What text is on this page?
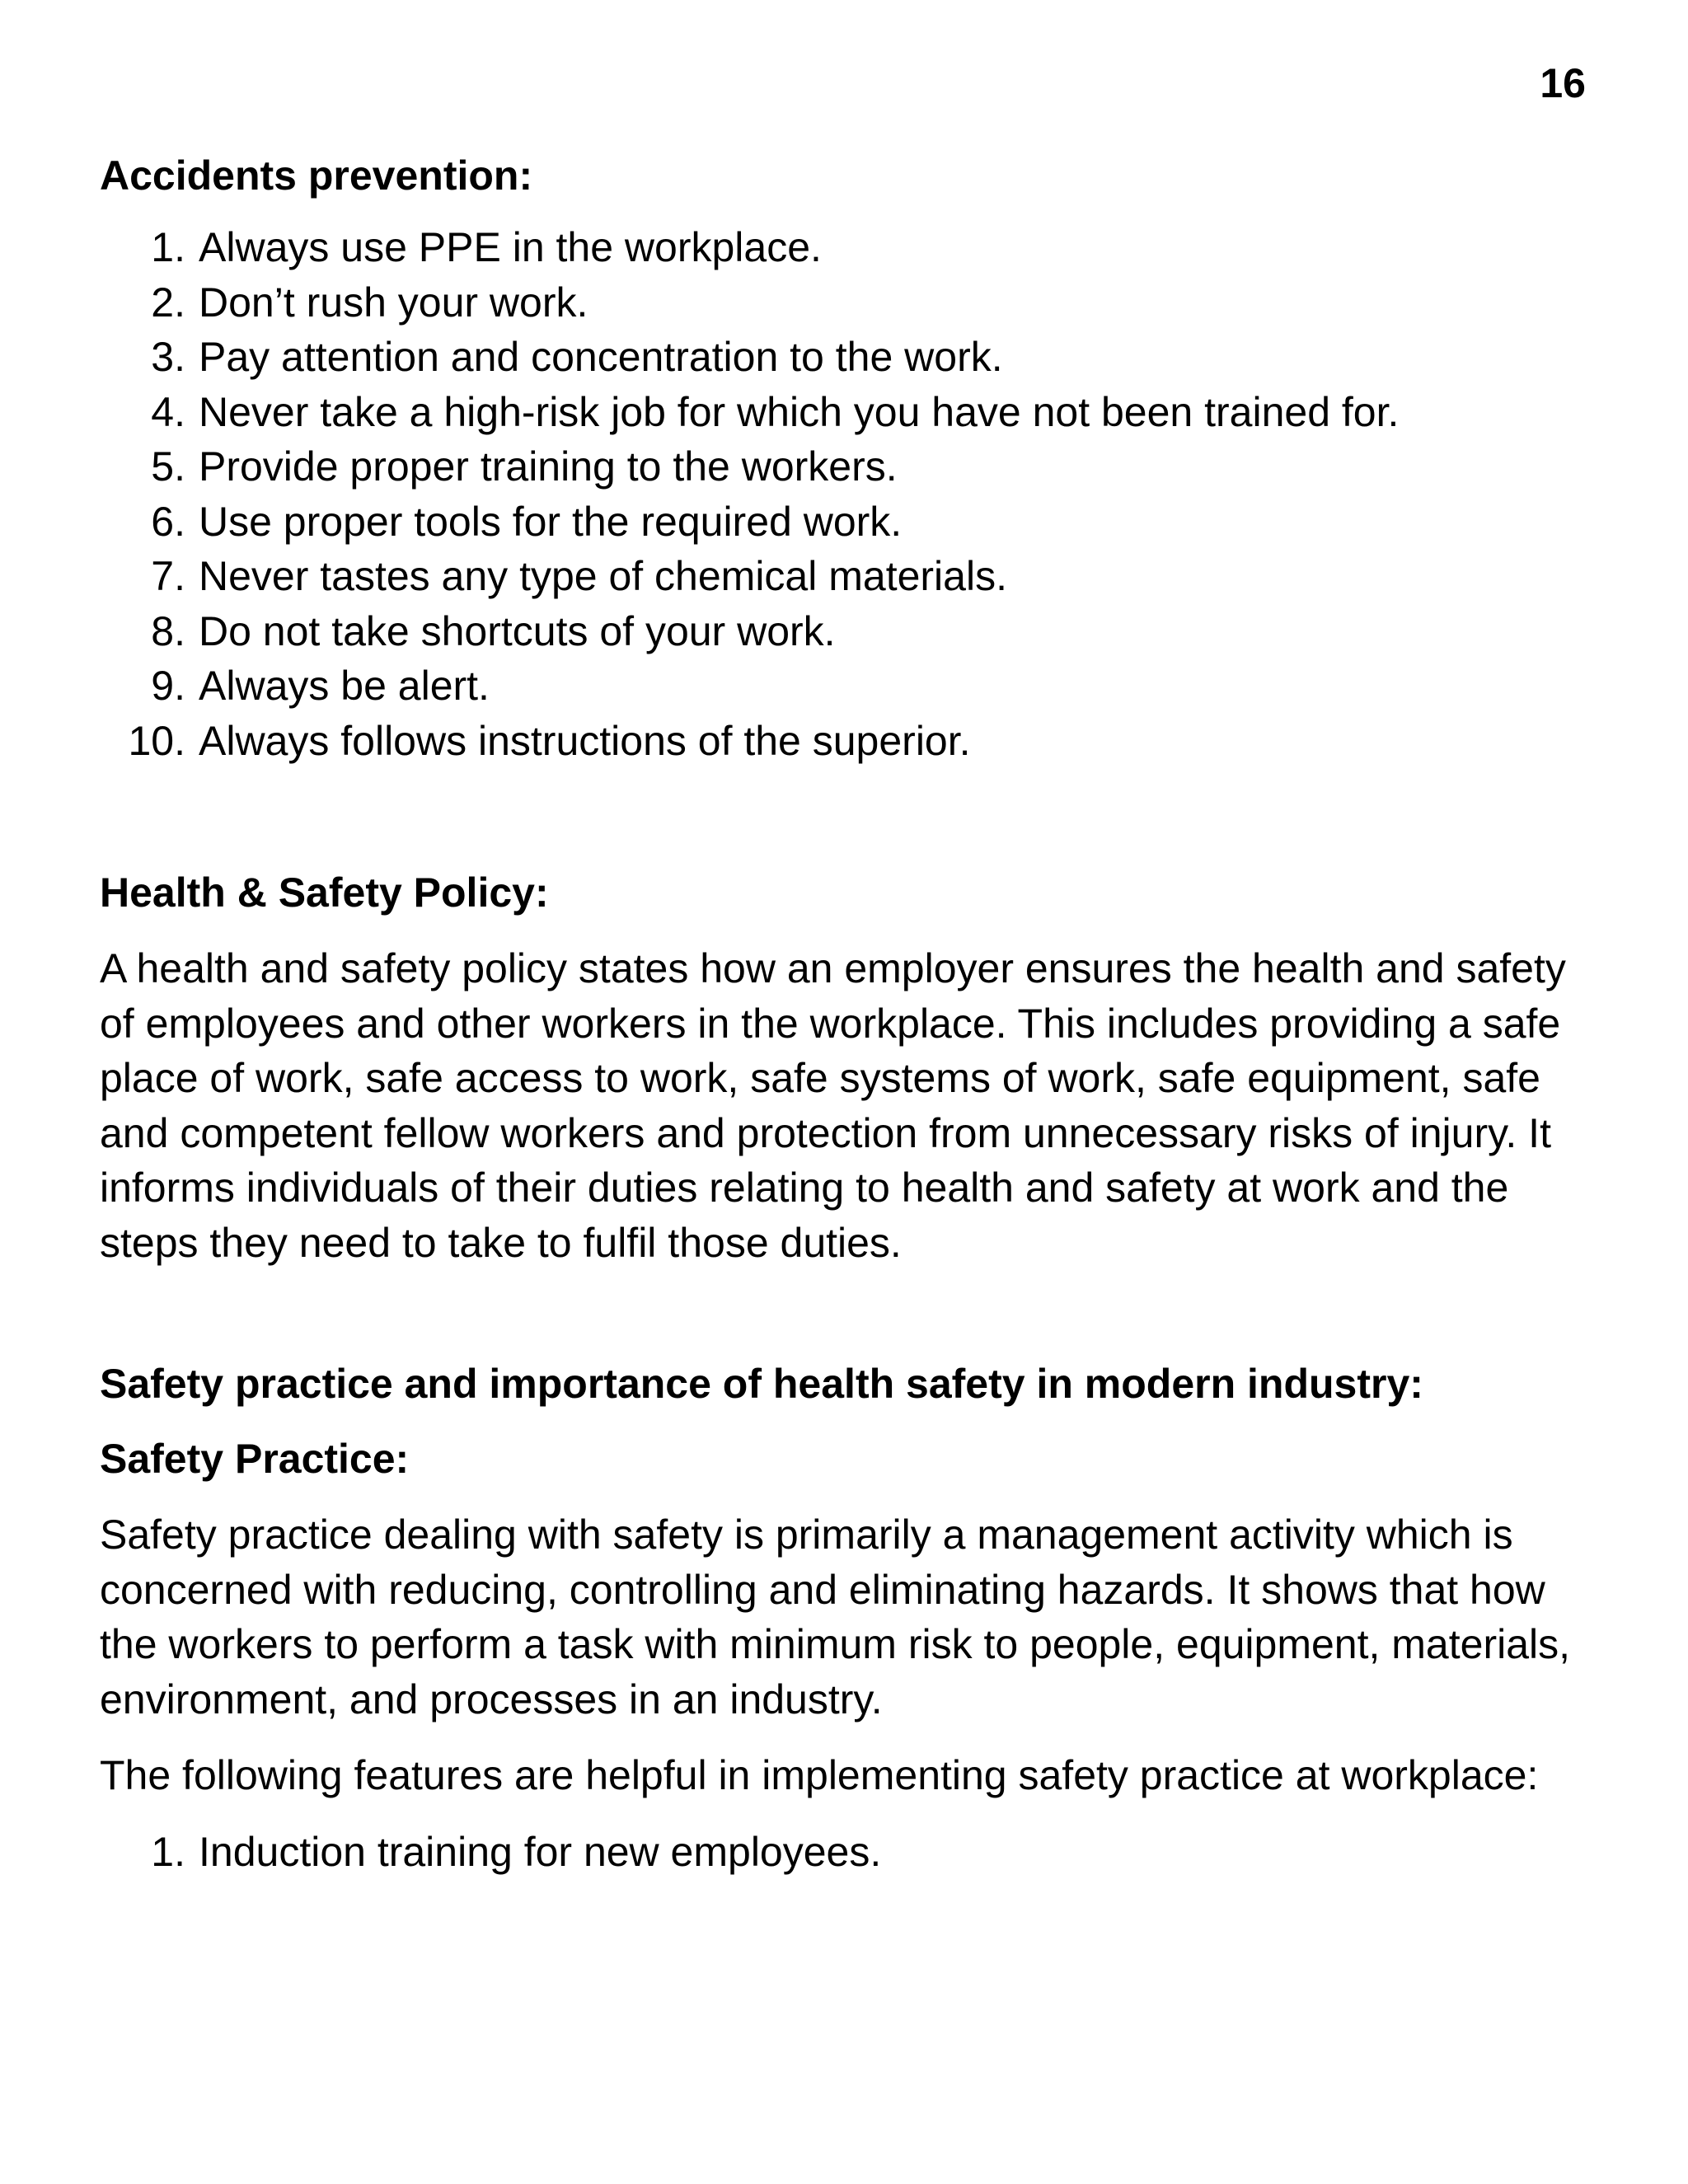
16
Accidents prevention:
1. Always use PPE in the workplace.
2. Don’t rush your work.
3. Pay attention and concentration to the work.
4. Never take a high-risk job for which you have not been trained for.
5. Provide proper training to the workers.
6. Use proper tools for the required work.
7. Never tastes any type of chemical materials.
8. Do not take shortcuts of your work.
9. Always be alert.
10. Always follows instructions of the superior.
Health & Safety Policy:

A health and safety policy states how an employer ensures the health and safety of employees and other workers in the workplace. This includes providing a safe place of work, safe access to work, safe systems of work, safe equipment, safe and competent fellow workers and protection from unnecessary risks of injury. It informs individuals of their duties relating to health and safety at work and the steps they need to take to fulfil those duties.

Safety practice and importance of health safety in modern industry:
Safety Practice:

Safety practice dealing with safety is primarily a management activity which is concerned with reducing, controlling and eliminating hazards. It shows that how the workers to perform a task with minimum risk to people, equipment, materials, environment, and processes in an industry.

The following features are helpful in implementing safety practice at workplace:

1. Induction training for new employees.
